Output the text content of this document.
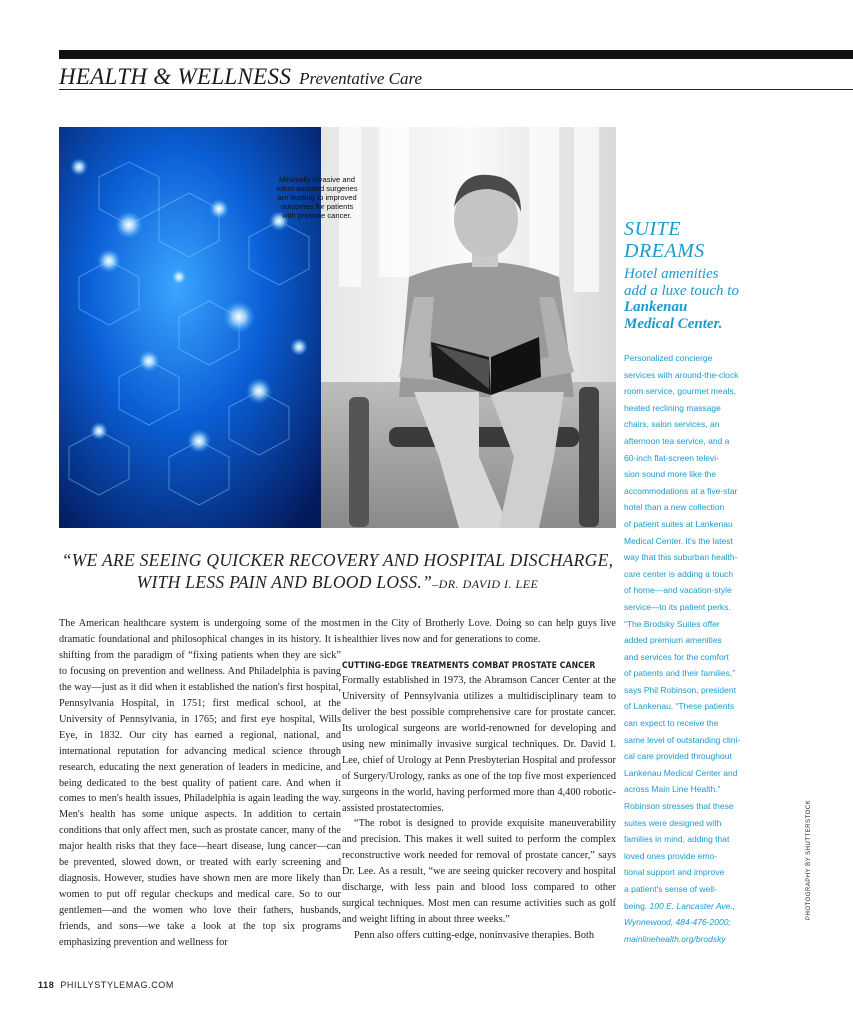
HEALTH & WELLNESS Preventative Care
Minimally invasive and robot-assisted surgeries are leading to improved outcomes for patients with prostate cancer.
SUITE
DREAMS
Hotel amenities
add a luxe touch to
Lankenau
Medical Center.
Personalized concierge
services with around-the-clock
room service, gourmet meals,
heated reclining massage
chairs, salon services, an
afternoon tea service, and a
60-inch flat-screen televi-
sion sound more like the
accommodations at a five-star
hotel than a new collection
of patient suites at Lankenau
Medical Center. It's the latest
way that this suburban health-
care center is adding a touch
of home—and vacation-style
service—to its patient perks.
“The Brodsky Suites offer
added premium amenities
and services for the comfort
of patients and their families,”
says Phil Robinson, president
of Lankenau. “These patients
can expect to receive the
same level of outstanding clini-
cal care provided throughout
Lankenau Medical Center and
across Main Line Health.”
Robinson stresses that these
suites were designed with
families in mind, adding that
loved ones provide emo-
tional support and improve
a patient's sense of well-
being. 100 E. Lancaster Ave.,
Wynnewood, 484-476-2000;
mainlinehealth.org/brodsky
PHOTOGRAPHY BY SHUTTERSTOCK
“WE ARE SEEING QUICKER RECOVERY AND HOSPITAL DISCHARGE,
WITH LESS PAIN AND BLOOD LOSS.”–DR. DAVID I. LEE

The American healthcare system is undergoing some of the most dramatic foundational and philosophical changes in its history. It is shifting from the paradigm of “fixing patients when they are sick” to focusing on prevention and wellness. And Philadelphia is paving the way—just as it did when it established the nation's first hospital, Pennsylvania Hospital, in 1751; first medical school, at the University of Pennsylvania, in 1765; and first eye hospital, Wills Eye, in 1832. Our city has earned a regional, national, and international reputation for advancing medical science through research, educating the next generation of leaders in medicine, and being dedicated to the best quality of patient care. And when it comes to men's health issues, Philadelphia is again leading the way. Men's health has some unique aspects. In addition to certain conditions that only affect men, such as prostate cancer, many of the major health risks that they face—heart disease, lung cancer—can be prevented, slowed down, or treated with early screening and diagnosis. However, studies have shown men are more likely than women to put off regular checkups and medical care. So to our gentlemen—and the women who love their fathers, husbands, friends, and sons—we take a look at the top six programs emphasizing prevention and wellness for

men in the City of Brotherly Love. Doing so can help guys live healthier lives now and for generations to come.

CUTTING-EDGE TREATMENTS COMBAT PROSTATE CANCER

Formally established in 1973, the Abramson Cancer Center at the University of Pennsylvania utilizes a multidisciplinary team to deliver the best possible comprehensive care for prostate cancer. Its urological surgeons are world-renowned for developing and using new minimally invasive surgical techniques. Dr. David I. Lee, chief of Urology at Penn Presbyterian Hospital and professor of Surgery/Urology, ranks as one of the top five most experienced surgeons in the world, having performed more than 4,400 robotic-assisted prostatectomies.

“The robot is designed to provide exquisite maneuverability and precision. This makes it well suited to perform the complex reconstructive work needed for removal of prostate cancer,” says Dr. Lee. As a result, “we are seeing quicker recovery and hospital discharge, with less pain and blood loss compared to other surgical techniques. Most men can resume activities such as golf and weight lifting in about three weeks.”

Penn also offers cutting-edge, noninvasive therapies. Both

118 PHILLYSTYLEMAG.COM
